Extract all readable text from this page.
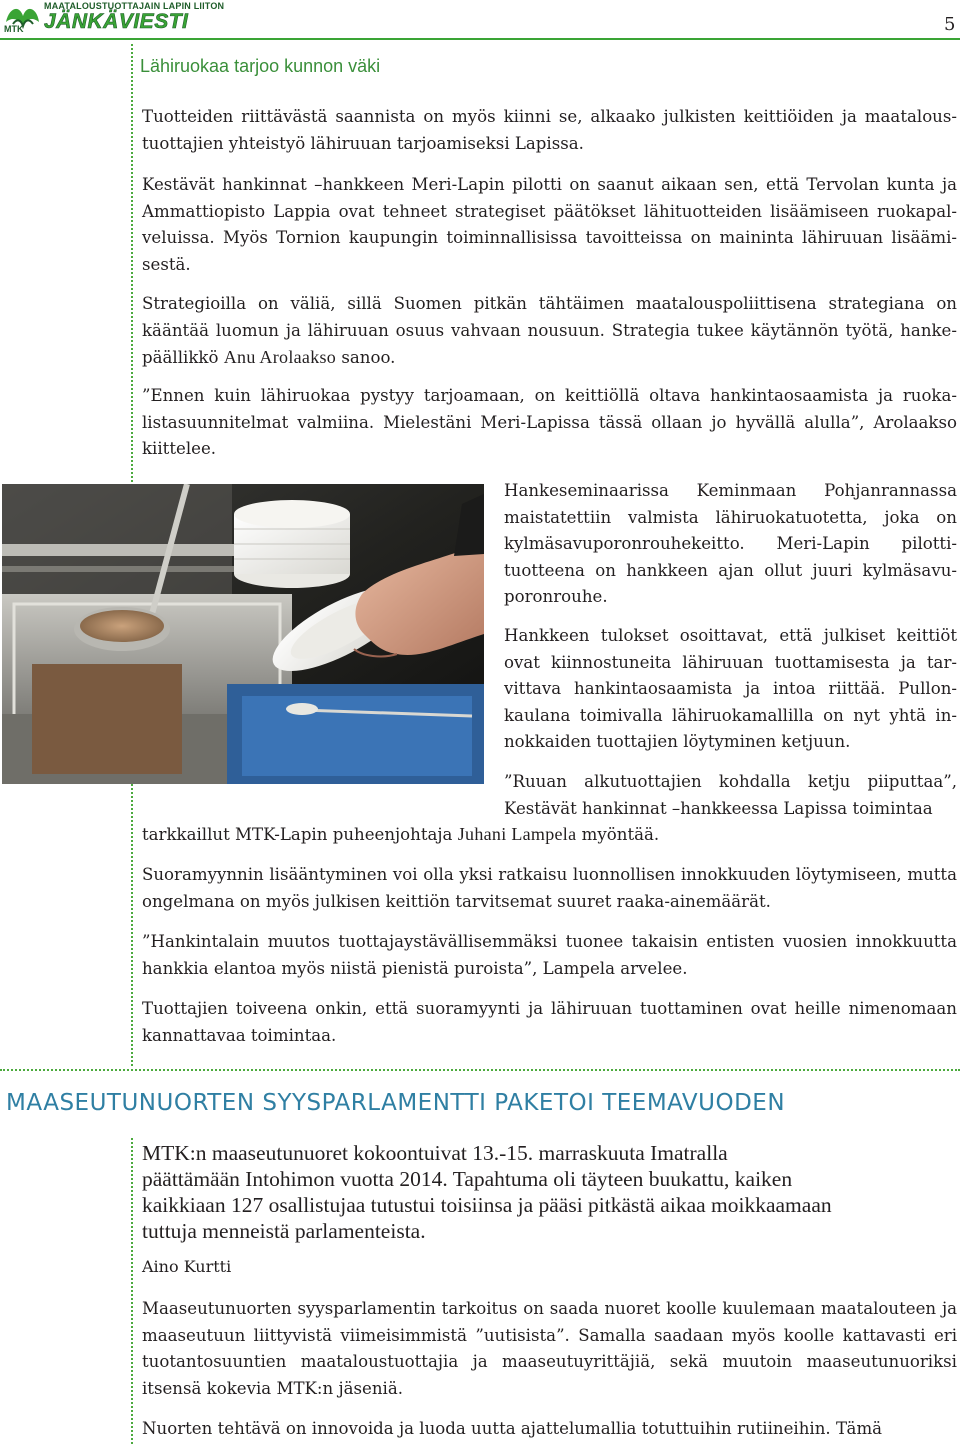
MAATALOUSTUOTTAJAIN LAPIN LIITON
MTK JÄNKÄVIESTI	5
Lähiruokaa tarjoo kunnon väki
Tuotteiden riittävästä saannista on myös kiinni se, alkaako julkisten keittiöiden ja maataloustuottajien yhteistyö lähiruuan tarjoamiseksi Lapissa.
Kestävät hankinnat –hankkeen Meri-Lapin pilotti on saanut aikaan sen, että Tervolan kunta ja Ammattiopisto Lappia ovat tehneet strategiset päätökset lähituotteiden lisäämiseen ruokapalveluissa. Myös Tornion kaupungin toiminnallisissa tavoitteissa on maininta lähiruuan lisäämisestä.
Strategioilla on väliä, sillä Suomen pitkän tähtäimen maatalouspoliittisena strategiana on kääntää luomun ja lähiruuan osuus vahvaan nousuun. Strategia tukee käytännön työtä, hankepäällikkö Anu Arolaakso sanoo.
”Ennen kuin lähiruokaa pystyy tarjoamaan, on keittiöllä oltava hankintaosaamista ja ruokalistasuunnitelmat valmiina. Mielestäni Meri-Lapissa tässä ollaan jo hyvällä alulla”, Arolaakso kiittelee.
Hankeseminaarissa Keminmaan Pohjanrannassa maistatettiin valmista lähiruokatuotetta, joka on kylmäsavuporonrouhekeitto. Meri-Lapin pilottituotteena on hankkeen ajan ollut juuri kylmäsavuporonrouhe.
Hankkeen tulokset osoittavat, että julkiset keittiöt ovat kiinnostuneita lähiruuan tuottamisesta ja tarvittava hankintaosaamista ja intoa riittää. Pullonkaulana toimivalla lähiruokamallilla on nyt yhtä innokkaiden tuottajien löytyminen ketjuun.
”Ruuan alkutuottajien kohdalla ketju piiputtaa”, Kestävät hankinnat –hankkeessa Lapissa toimintaa
tarkkaillut MTK-Lapin puheenjohtaja Juhani Lampela myöntää.
Suoramyynnin lisääntyminen voi olla yksi ratkaisu luonnollisen innokkuuden löytymiseen, mutta ongelmana on myös julkisen keittiön tarvitsemat suuret raaka-ainemäärät.
”Hankintalain muutos tuottajaystävällisemmäksi tuonee takaisin entisten vuosien innokkuutta hankkia elantoa myös niistä pienistä puroista”, Lampela arvelee.
Tuottajien toiveena onkin, että suoramyynti ja lähiruuan tuottaminen ovat heille nimenomaan kannattavaa toimintaa.
MAASEUTUNUORTEN SYYSPARLAMENTTI PAKETOI TEEMAVUODEN
MTK:n maaseutunuoret kokoontuivat 13.-15. marraskuuta Imatralla
päättämään Intohimon vuotta 2014. Tapahtuma oli täyteen buukattu, kaiken
kaikkiaan 127 osallistujaa tutustui toisiinsa ja pääsi pitkästä aikaa moikkaamaan
tuttuja menneistä parlamenteista.
Aino Kurtti
Maaseutunuorten syysparlamentin tarkoitus on saada nuoret koolle kuulemaan maatalouteen ja maaseutuun liittyvistä viimeisimmistä ”uutisista”. Samalla saadaan myös koolle kattavasti eri tuotantosuuntien maataloustuottajia ja maaseutuyrittäjiä, sekä muutoin maaseutunuoriksi itsensä kokevia MTK:n jäseniä.
Nuorten tehtävä on innovoida ja luoda uutta ajattelumallia totuttuihin rutiineihin. Tämä
